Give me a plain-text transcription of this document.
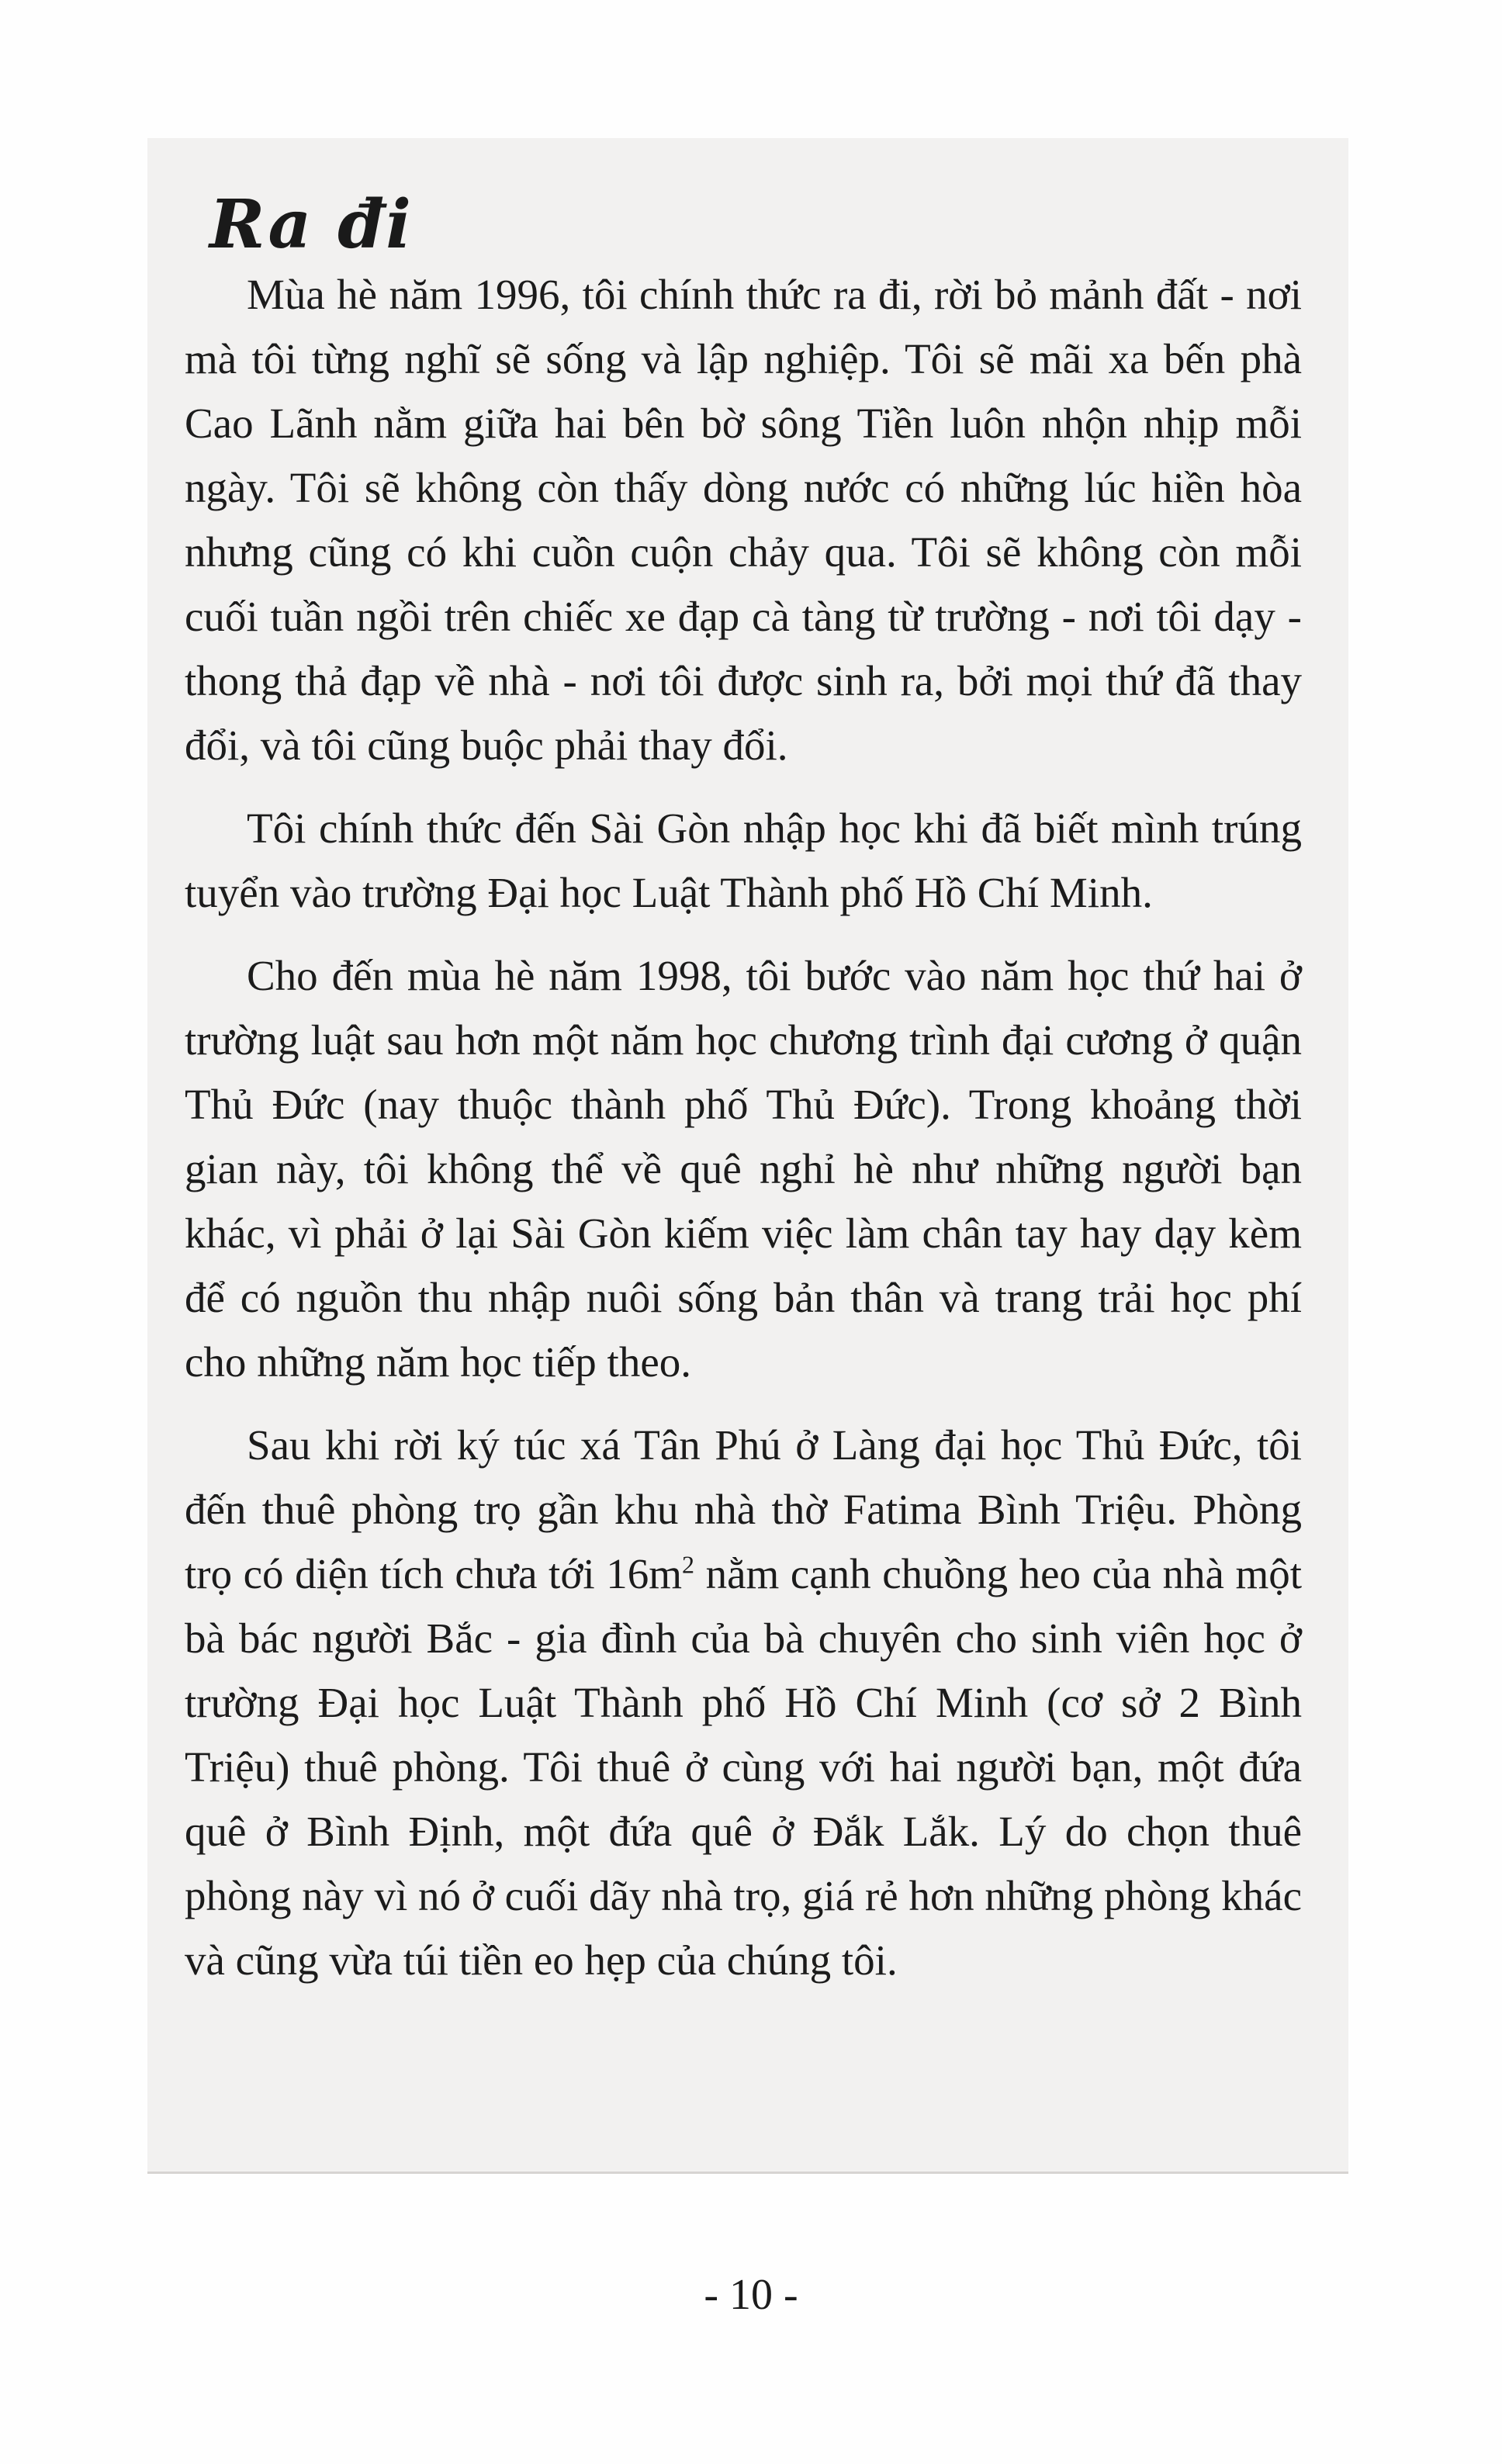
Ra đi

Mùa hè năm 1996, tôi chính thức ra đi, rời bỏ mảnh đất - nơi mà tôi từng nghĩ sẽ sống và lập nghiệp. Tôi sẽ mãi xa bến phà Cao Lãnh nằm giữa hai bên bờ sông Tiền luôn nhộn nhịp mỗi ngày. Tôi sẽ không còn thấy dòng nước có những lúc hiền hòa nhưng cũng có khi cuồn cuộn chảy qua. Tôi sẽ không còn mỗi cuối tuần ngồi trên chiếc xe đạp cà tàng từ trường - nơi tôi dạy - thong thả đạp về nhà - nơi tôi được sinh ra, bởi mọi thứ đã thay đổi, và tôi cũng buộc phải thay đổi.

Tôi chính thức đến Sài Gòn nhập học khi đã biết mình trúng tuyển vào trường Đại học Luật Thành phố Hồ Chí Minh.

Cho đến mùa hè năm 1998, tôi bước vào năm học thứ hai ở trường luật sau hơn một năm học chương trình đại cương ở quận Thủ Đức (nay thuộc thành phố Thủ Đức). Trong khoảng thời gian này, tôi không thể về quê nghỉ hè như những người bạn khác, vì phải ở lại Sài Gòn kiếm việc làm chân tay hay dạy kèm để có nguồn thu nhập nuôi sống bản thân và trang trải học phí cho những năm học tiếp theo.

Sau khi rời ký túc xá Tân Phú ở Làng đại học Thủ Đức, tôi đến thuê phòng trọ gần khu nhà thờ Fatima Bình Triệu. Phòng trọ có diện tích chưa tới $16m^2$ nằm cạnh chuồng heo của nhà một bà bác người Bắc - gia đình của bà chuyên cho sinh viên học ở trường Đại học Luật Thành phố Hồ Chí Minh (cơ sở 2 Bình Triệu) thuê phòng. Tôi thuê ở cùng với hai người bạn, một đứa quê ở Bình Định, một đứa quê ở Đắk Lắk. Lý do chọn thuê phòng này vì nó ở cuối dãy nhà trọ, giá rẻ hơn những phòng khác và cũng vừa túi tiền eo hẹp của chúng tôi.

- 10 -
